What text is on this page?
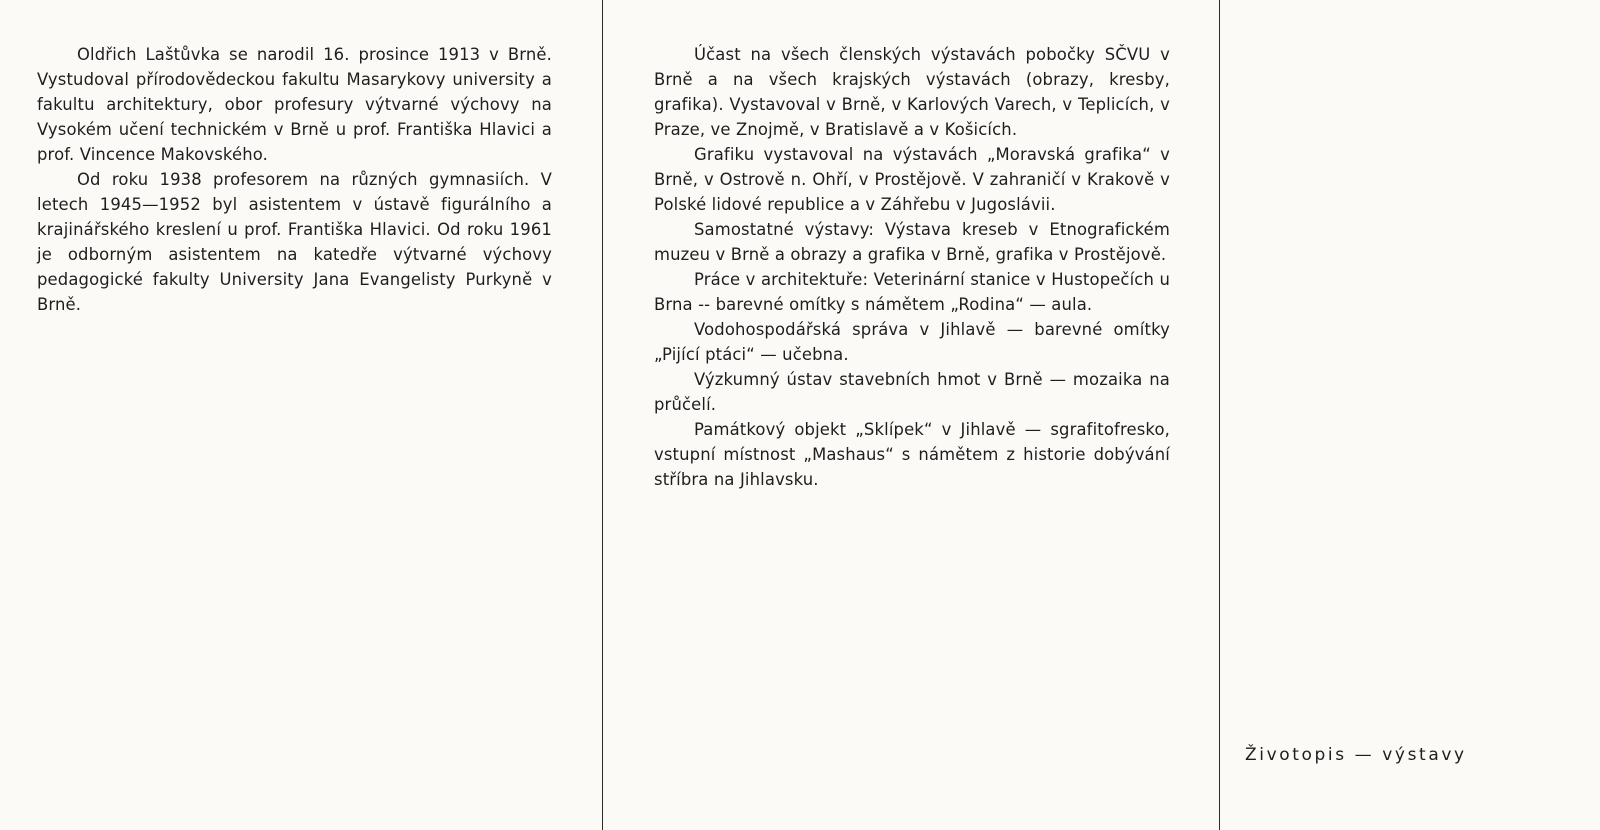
Oldřich Laštůvka se narodil 16. prosince 1913 v Brně. Vystudoval přírodovědeckou fakultu Masarykovy university a fakultu architektury, obor profesury výtvarné výchovy na Vysokém učení technickém v Brně u prof. Františka Hlavici a prof. Vincence Makovského.

Od roku 1938 profesorem na různých gymnasiích. V letech 1945—1952 byl asistentem v ústavě figurálního a krajinářského kreslení u prof. Františka Hlavici. Od roku 1961 je odborným asistentem na katedře výtvarné výchovy pedagogické fakulty University Jana Evangelisty Purkyně v Brně.

Účast na všech členských výstavách pobočky SČVU v Brně a na všech krajských výstavách (obrazy, kresby, grafika). Vystavoval v Brně, v Karlových Varech, v Teplicích, v Praze, ve Znojmě, v Bratislavě a v Košicích.

Grafiku vystavoval na výstavách „Moravská grafika“ v Brně, v Ostrově n. Ohří, v Prostějově. V zahraničí v Krakově v Polské lidové republice a v Záhřebu v Jugoslávii.

Samostatné výstavy: Výstava kreseb v Etnografickém muzeu v Brně a obrazy a grafika v Brně, grafika v Prostějově.

Práce v architektuře: Veterinární stanice v Hustopečích u Brna -- barevné omítky s námětem „Rodina“ — aula.

Vodohospodářská správa v Jihlavě — barevné omítky „Pijící ptáci“ — učebna.

Výzkumný ústav stavebních hmot v Brně — mozaika na průčelí.

Památkový objekt „Sklípek“ v Jihlavě — sgrafitofresko, vstupní místnost „Mashaus“ s námětem z historie dobývání stříbra na Jihlavsku.

Životopis — výstavy
